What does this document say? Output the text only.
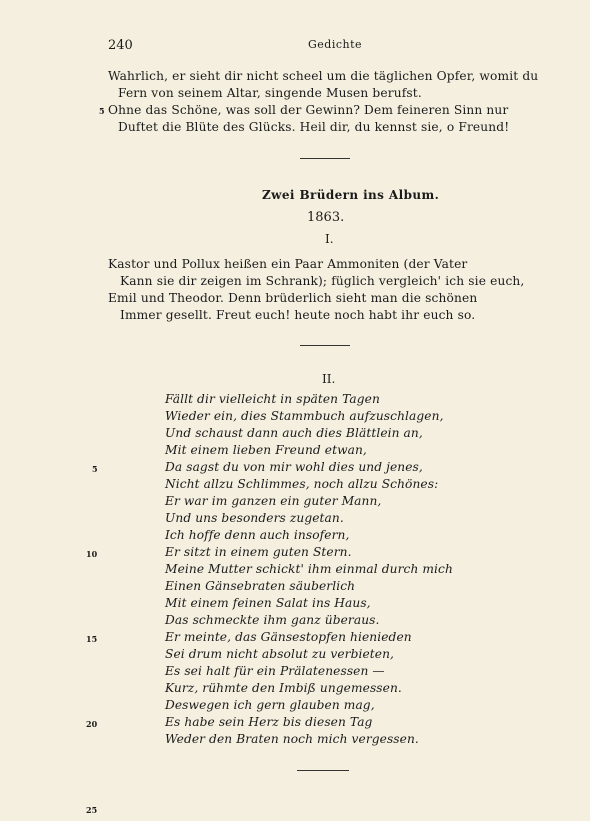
240	Gedichte
Wahrlich, er sieht dir nicht scheel um die täglichen Opfer, womit du
Fern von seinem Altar, singende Musen berufst.
5 Ohne das Schöne, was soll der Gewinn? Dem feineren Sinn nur
Duftet die Blüte des Glücks. Heil dir, du kennst sie, o Freund!
Zwei Brüdern ins Album.
1863.
I.
Kastor und Pollux heißen ein Paar Ammoniten (der Vater
Kann sie dir zeigen im Schrank); füglich vergleich' ich sie euch,
Emil und Theodor. Denn brüderlich sieht man die schönen
Immer gesellt. Freut euch! heute noch habt ihr euch so.
II.
Fällt dir vielleicht in späten Tagen
Wieder ein, dies Stammbuch aufzuschlagen,
Und schaust dann auch dies Blättlein an,
Mit einem lieben Freund etwan,
Da sagst du von mir wohl dies und jenes,
Nicht allzu Schlimmes, noch allzu Schönes:
Er war im ganzen ein guter Mann,
Und uns besonders zugetan.
Ich hoffe denn auch insofern,
Er sitzt in einem guten Stern.
Meine Mutter schickt' ihm einmal durch mich
Einen Gänsebraten säuberlich
Mit einem feinen Salat ins Haus,
Das schmeckte ihm ganz überaus.
Er meinte, das Gänsestopfen hienieden
Sei drum nicht absolut zu verbieten,
Es sei halt für ein Prälatenessen —
Kurz, rühmte den Imbiß ungemessen.
Deswegen ich gern glauben mag,
Es habe sein Herz bis diesen Tag
Weder den Braten noch mich vergessen.
5
10
15
20
25
